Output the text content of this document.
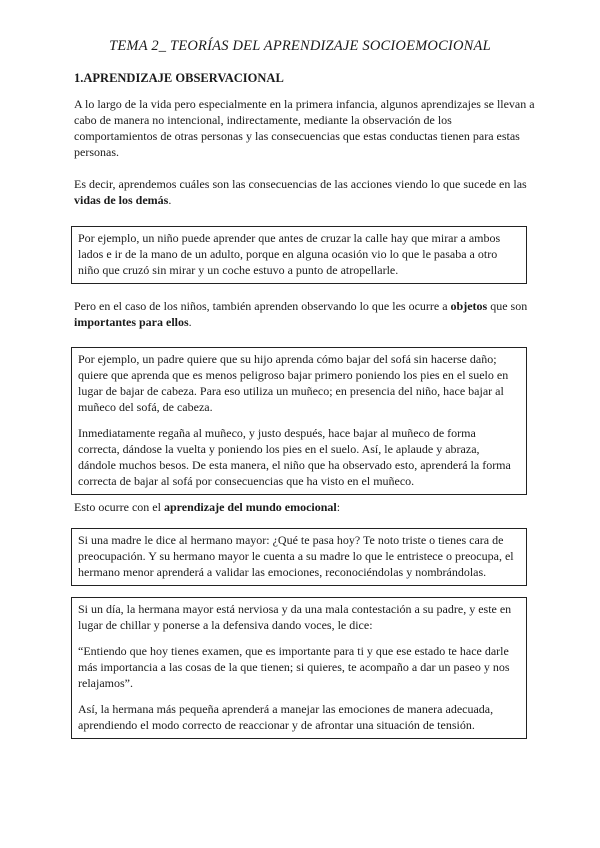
TEMA 2_ TEORÍAS DEL APRENDIZAJE SOCIOEMOCIONAL
1.APRENDIZAJE OBSERVACIONAL

A lo largo de la vida pero especialmente en la primera infancia, algunos aprendizajes se llevan a cabo de manera no intencional, indirectamente, mediante la observación de los comportamientos de otras personas y las consecuencias que estas conductas tienen para estas personas.

Es decir, aprendemos cuáles son las consecuencias de las acciones viendo lo que sucede en las vidas de los demás.

Por ejemplo, un niño puede aprender que antes de cruzar la calle hay que mirar a ambos lados e ir de la mano de un adulto, porque en alguna ocasión vio lo que le pasaba a otro niño que cruzó sin mirar y un coche estuvo a punto de atropellarle.

Pero en el caso de los niños, también aprenden observando lo que les ocurre a objetos que son importantes para ellos.

Por ejemplo, un padre quiere que su hijo aprenda cómo bajar del sofá sin hacerse daño; quiere que aprenda que es menos peligroso bajar primero poniendo los pies en el suelo en lugar de bajar de cabeza. Para eso utiliza un muñeco; en presencia del niño, hace bajar al muñeco del sofá, de cabeza.

Inmediatamente regaña al muñeco, y justo después, hace bajar al muñeco de forma correcta, dándose la vuelta y poniendo los pies en el suelo. Así, le aplaude y abraza, dándole muchos besos. De esta manera, el niño que ha observado esto, aprenderá la forma correcta de bajar al sofá por consecuencias que ha visto en el muñeco.

Esto ocurre con el aprendizaje del mundo emocional:

Si una madre le dice al hermano mayor: ¿Qué te pasa hoy? Te noto triste o tienes cara de preocupación. Y su hermano mayor le cuenta a su madre lo que le entristece o preocupa, el hermano menor aprenderá a validar las emociones, reconociéndolas y nombrándolas.

Si un día, la hermana mayor está nerviosa y da una mala contestación a su padre, y este en lugar de chillar y ponerse a la defensiva dando voces, le dice:

“Entiendo que hoy tienes examen, que es importante para ti y que ese estado te hace darle más importancia a las cosas de la que tienen; si quieres, te acompaño a dar un paseo y nos relajamos”.

Así, la hermana más pequeña aprenderá a manejar las emociones de manera adecuada, aprendiendo el modo correcto de reaccionar y de afrontar una situación de tensión.
